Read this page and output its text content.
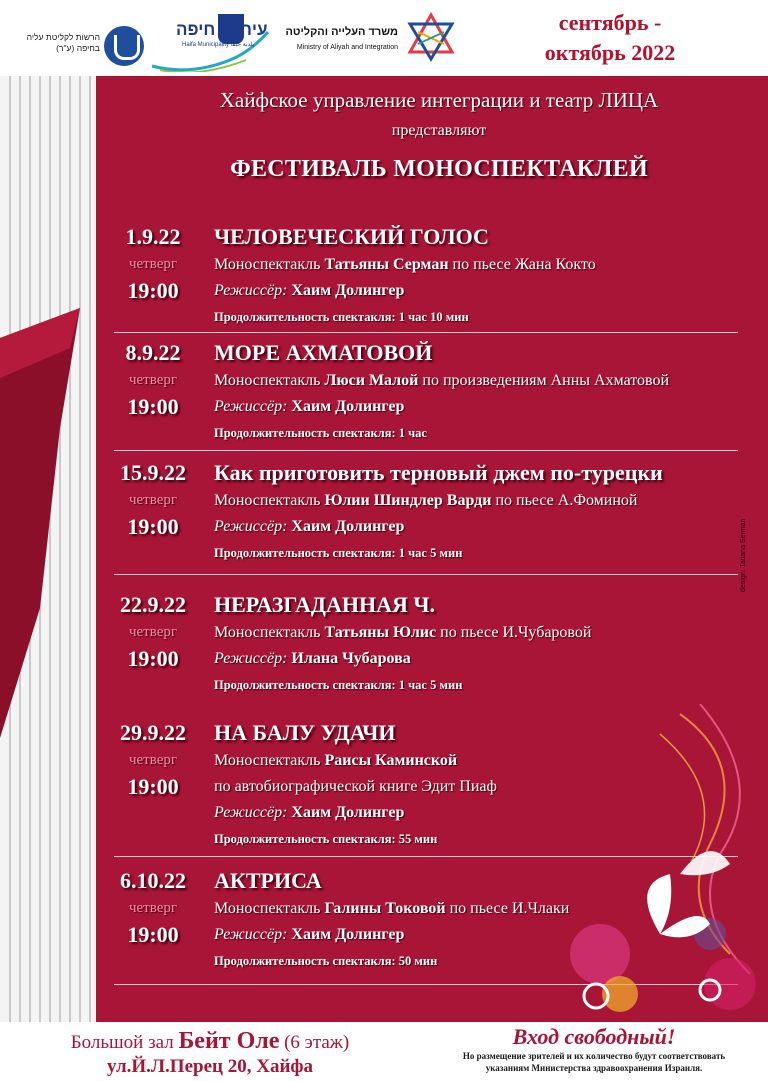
הרשות לקליטת עליה בחיפה (ע"ר)
עיריית חיפה
Haifa Municipality بلدية حيفا
משרד העלייה והקליטה
Ministry of Aliyah and Integration
сентябрь -
октябрь 2022
Хайфское управление интеграции и театр ЛИЦА
представляют
ФЕСТИВАЛЬ МОНОСПЕКТАКЛЕЙ
1.9.22
четверг
19:00
ЧЕЛОВЕЧЕСКИЙ ГОЛОС
Моноспектакль Татьяны Серман по пьесе Жана Кокто
Режиссёр: Хаим Долингер
Продолжительность спектакля: 1 час 10 мин
8.9.22
четверг
19:00
МОРЕ АХМАТОВОЙ
Моноспектакль Люси Малой по произведениям Анны Ахматовой
Режиссёр: Хаим Долингер
Продолжительность спектакля: 1 час
15.9.22
четверг
19:00
Как приготовить терновый джем по-турецки
Моноспектакль Юлии Шиндлер Варди по пьесе А.Фоминой
Режиссёр: Хаим Долингер
Продолжительность спектакля: 1 час 5 мин
22.9.22
четверг
19:00
НЕРАЗГАДАННАЯ Ч.
Моноспектакль Татьяны Юлис по пьесе И.Чубаровой
Режиссёр: Илана Чубарова
Продолжительность спектакля: 1 час 5 мин
29.9.22
четверг
19:00
НА БАЛУ УДАЧИ
Моноспектакль Раисы Каминской
по автобиографической книге Эдит Пиаф
Режиссёр: Хаим Долингер
Продолжительность спектакля: 55 мин
6.10.22
четверг
19:00
АКТРИСА
Моноспектакль Галины Токовой по пьесе И.Члаки
Режиссёр: Хаим Долингер
Продолжительность спектакля: 50 мин
design: Tatiana Serman
Большой зал Бейт Оле (6 этаж)
ул.Й.Л.Перец 20, Хайфа
Вход свободный!
Но размещение зрителей и их количество будут соответствовать
указаниям Министерства здравоохранения Израиля.
